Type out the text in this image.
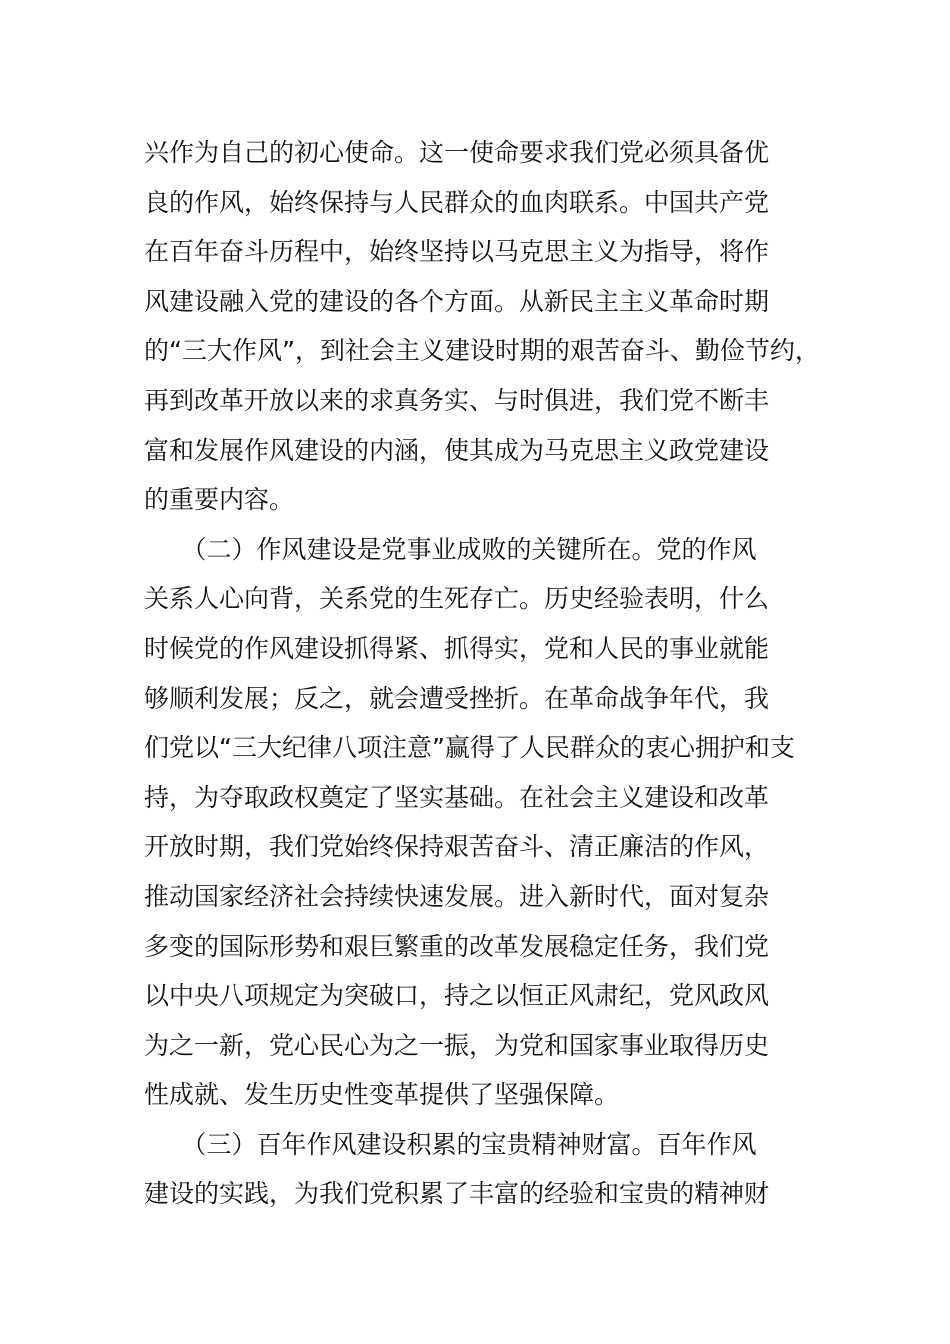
兴作为自己的初心使命。这一使命要求我们党必须具备优
良的作风，始终保持与人民群众的血肉联系。中国共产党
在百年奋斗历程中，始终坚持以马克思主义为指导，将作
风建设融入党的建设的各个方面。从新民主主义革命时期
的“三大作风”，到社会主义建设时期的艰苦奋斗、勤俭节约，
再到改革开放以来的求真务实、与时俱进，我们党不断丰
富和发展作风建设的内涵，使其成为马克思主义政党建设
的重要内容。
　　（二）作风建设是党事业成败的关键所在。党的作风
关系人心向背，关系党的生死存亡。历史经验表明，什么
时候党的作风建设抓得紧、抓得实，党和人民的事业就能
够顺利发展；反之，就会遭受挫折。在革命战争年代，我
们党以“三大纪律八项注意”赢得了人民群众的衷心拥护和支
持，为夺取政权奠定了坚实基础。在社会主义建设和改革
开放时期，我们党始终保持艰苦奋斗、清正廉洁的作风，
推动国家经济社会持续快速发展。进入新时代，面对复杂
多变的国际形势和艰巨繁重的改革发展稳定任务，我们党
以中央八项规定为突破口，持之以恒正风肃纪，党风政风
为之一新，党心民心为之一振，为党和国家事业取得历史
性成就、发生历史性变革提供了坚强保障。
　　（三）百年作风建设积累的宝贵精神财富。百年作风
建设的实践，为我们党积累了丰富的经验和宝贵的精神财
